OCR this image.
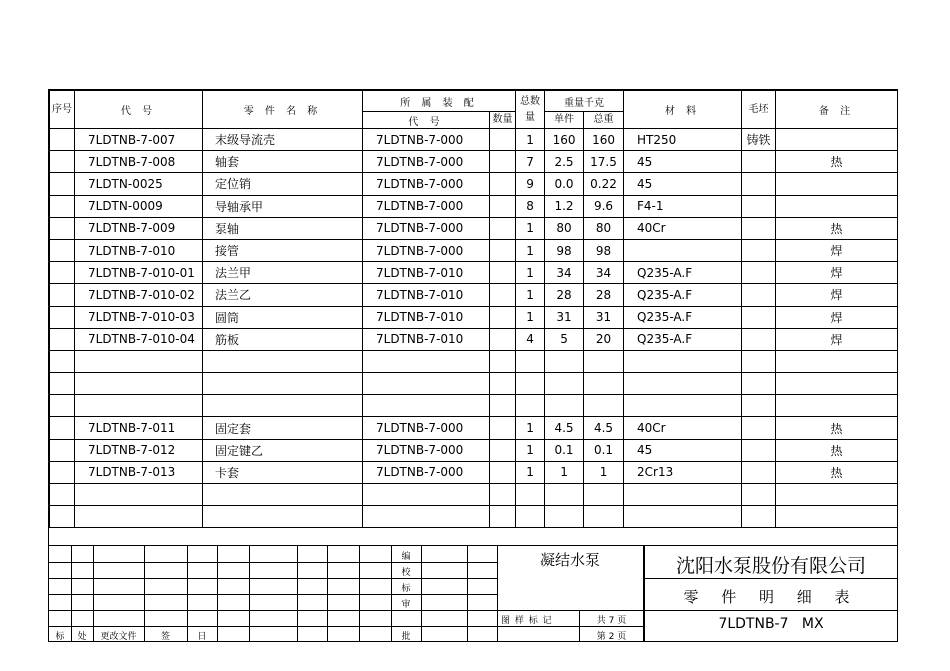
序号	代 号	零 件 名 称	所 属 装 配		总数量	重量千克		材 料	毛坯	备 注
			代 号	数量		单件	总重			

	7LDTNB-7-007	末级导流壳	7LDTNB-7-000		1	160	160	HT250	铸铁	
	7LDTNB-7-008	轴套	7LDTNB-7-000		7	2.5	17.5	45		热
	7LDTN-0025	定位销	7LDTNB-7-000		9	0.0	0.22	45		
	7LDTN-0009	导轴承甲	7LDTNB-7-000		8	1.2	9.6	F4-1		
	7LDTNB-7-009	泵轴	7LDTNB-7-000		1	80	80	40Cr		热
	7LDTNB-7-010	接管	7LDTNB-7-000		1	98	98			焊
	7LDTNB-7-010-01	法兰甲	7LDTNB-7-010		1	34	34	Q235-A.F		焊
	7LDTNB-7-010-02	法兰乙	7LDTNB-7-010		1	28	28	Q235-A.F		焊
	7LDTNB-7-010-03	圆筒	7LDTNB-7-010		1	31	31	Q235-A.F		焊
	7LDTNB-7-010-04	筋板	7LDTNB-7-010		4	5	20	Q235-A.F		焊

	7LDTNB-7-011	固定套	7LDTNB-7-000		1	4.5	4.5	40Cr		热
	7LDTNB-7-012	固定键乙	7LDTNB-7-000		1	0.1	0.1	45		热
	7LDTNB-7-013	卡套	7LDTNB-7-000		1	1	1	2Cr13		热

标	处	更改文件	签	日
编
校
标
审
批
凝结水泵
图 样 标 记	共 7 页
第 2 页
沈阳水泵股份有限公司
零 件 明 细 表
7LDTNB-7   MX
